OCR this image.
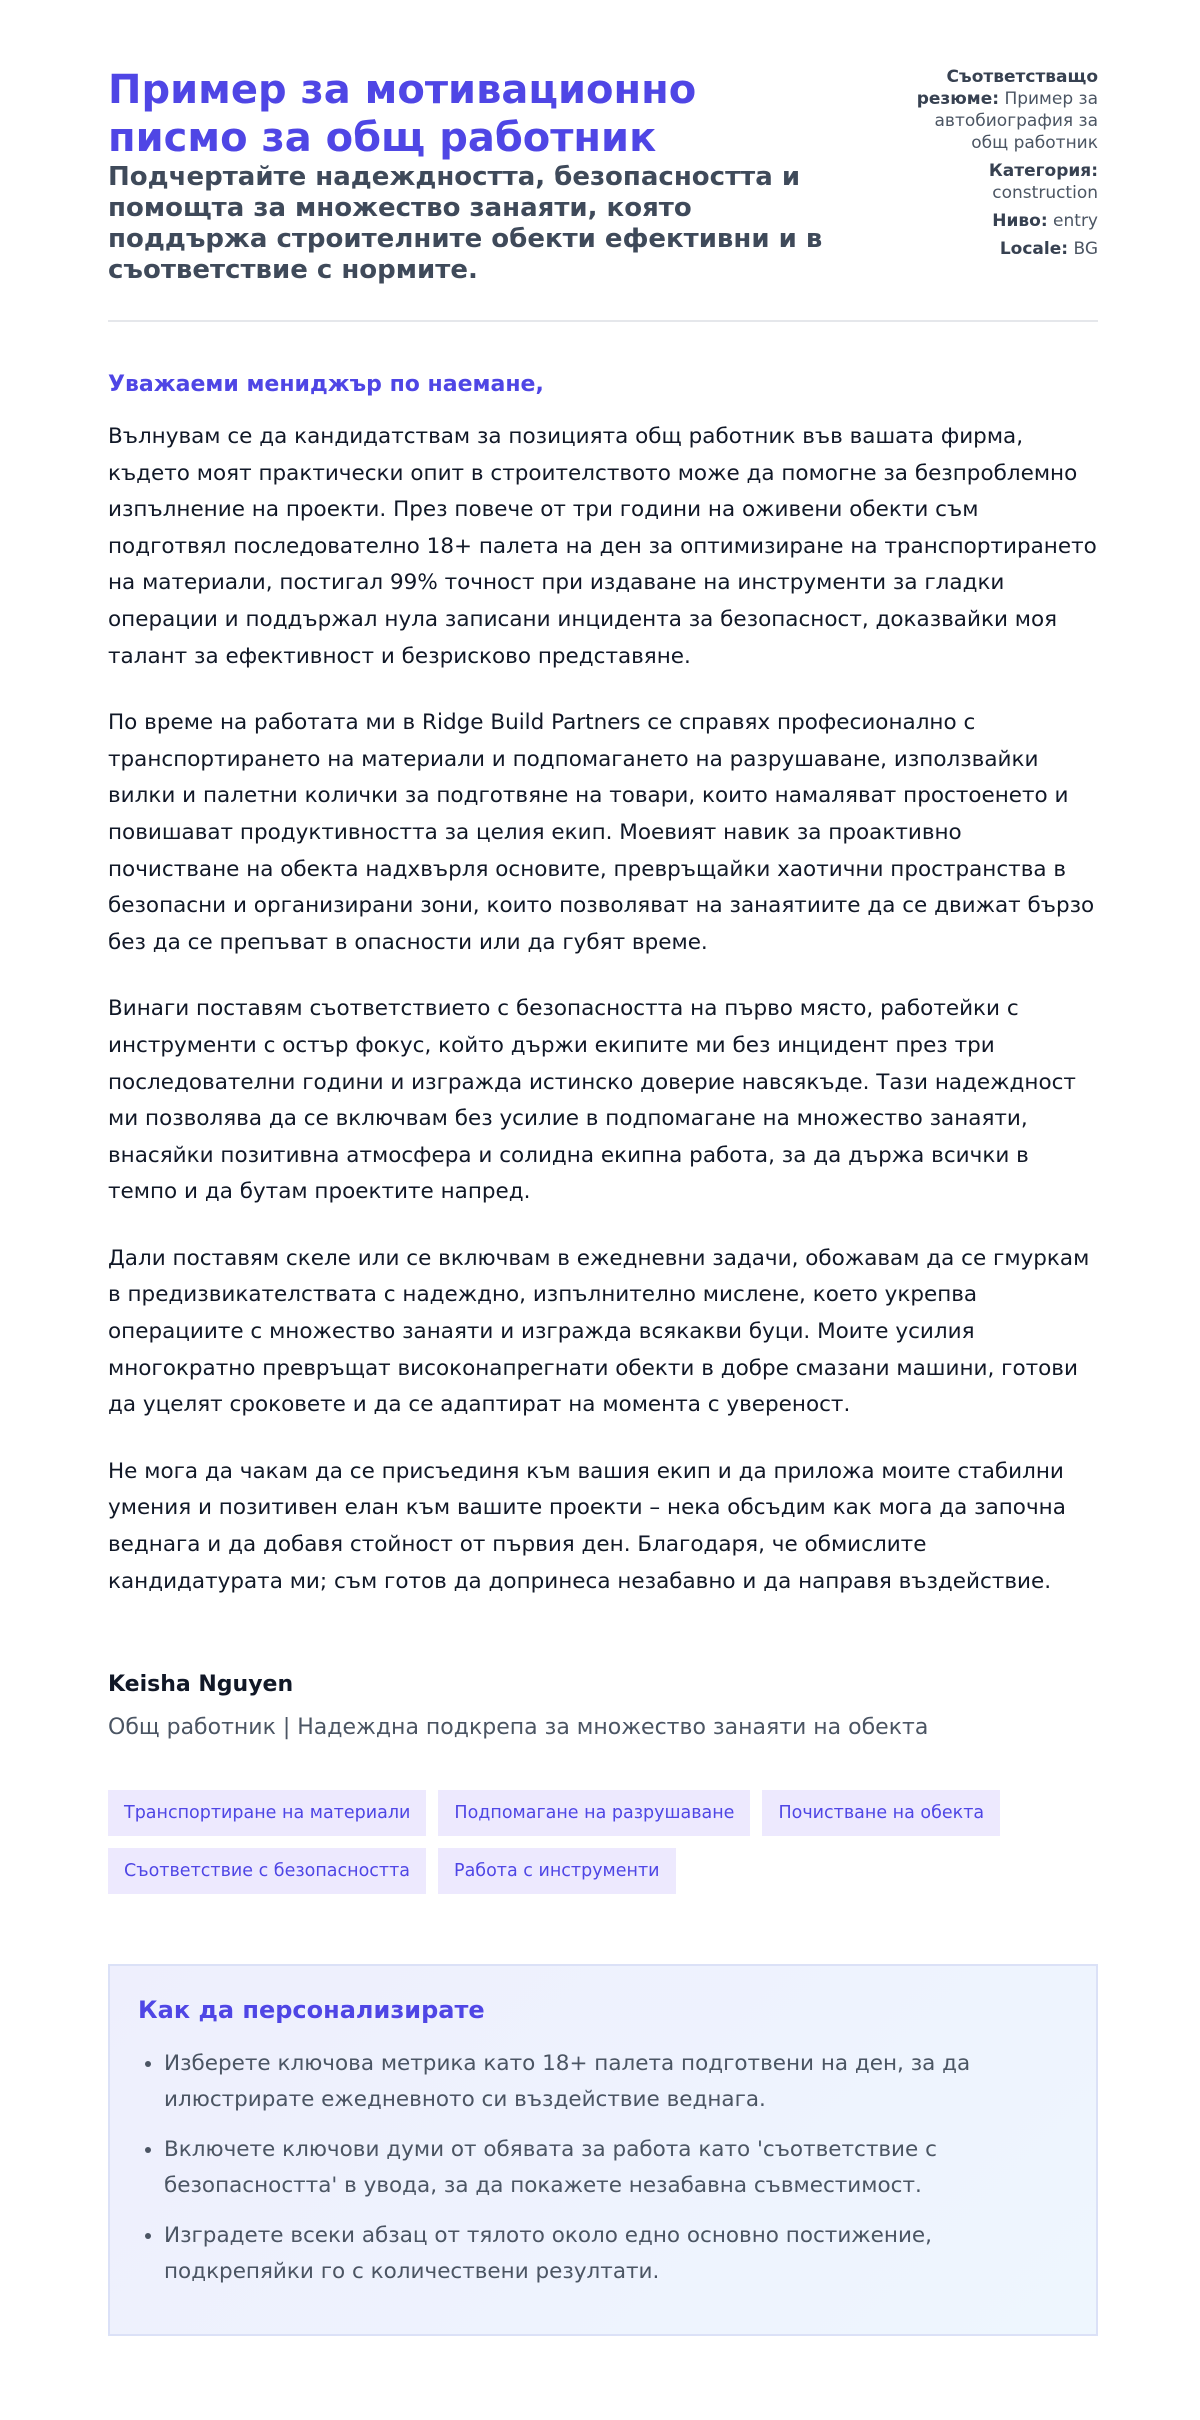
Пример за мотивационно писмо за общ работник
Подчертайте надеждността, безопасността и помощта за множество занаяти, която поддържа строителните обекти ефективни и в съответствие с нормите.
Съответстващо резюме: Пример за автобиография за общ работник
Категория: construction
Ниво: entry
Locale: BG
Уважаеми мениджър по наемане,

Вълнувам се да кандидатствам за позицията общ работник във вашата фирма, където моят практически опит в строителството може да помогне за безпроблемно изпълнение на проекти. През повече от три години на оживени обекти съм подготвял последователно 18+ палета на ден за оптимизиране на транспортирането на материали, постигал 99% точност при издаване на инструменти за гладки операции и поддържал нула записани инцидента за безопасност, доказвайки моя талант за ефективност и безрисково представяне.

По време на работата ми в Ridge Build Partners се справях професионално с транспортирането на материали и подпомагането на разрушаване, използвайки вилки и палетни колички за подготвяне на товари, които намаляват простоенето и повишават продуктивността за целия екип. Моевият навик за проактивно почистване на обекта надхвърля основите, превръщайки хаотични пространства в безопасни и организирани зони, които позволяват на занаятиите да се движат бързо без да се препъват в опасности или да губят време.

Винаги поставям съответствието с безопасността на първо място, работейки с инструменти с остър фокус, който държи екипите ми без инцидент през три последователни години и изгражда истинско доверие навсякъде. Тази надеждност ми позволява да се включвам без усилие в подпомагане на множество занаяти, внасяйки позитивна атмосфера и солидна екипна работа, за да държа всички в темпо и да бутам проектите напред.

Дали поставям скеле или се включвам в ежедневни задачи, обожавам да се гмуркам в предизвикателствата с надеждно, изпълнително мислене, което укрепва операциите с множество занаяти и изгражда всякакви буци. Моите усилия многократно превръщат високонапрегнати обекти в добре смазани машини, готови да уцелят сроковете и да се адаптират на момента с увереност.

Не мога да чакам да се присъединя към вашия екип и да приложа моите стабилни умения и позитивен елан към вашите проекти – нека обсъдим как мога да започна веднага и да добавя стойност от първия ден. Благодаря, че обмислите кандидатурата ми; съм готов да допринеса незабавно и да направя въздействие.

Keisha Nguyen
Общ работник | Надеждна подкрепа за множество занаяти на обекта
Транспортиране на материали	Подпомагане на разрушаване	Почистване на обекта
Съответствие с безопасността	Работа с инструменти
Как да персонализирате
• Изберете ключова метрика като 18+ палета подготвени на ден, за да илюстрирате ежедневното си въздействие веднага.
• Включете ключови думи от обявата за работа като 'съответствие с безопасността' в увода, за да покажете незабавна съвместимост.
• Изградете всеки абзац от тялото около едно основно постижение, подкрепяйки го с количествени резултати.
